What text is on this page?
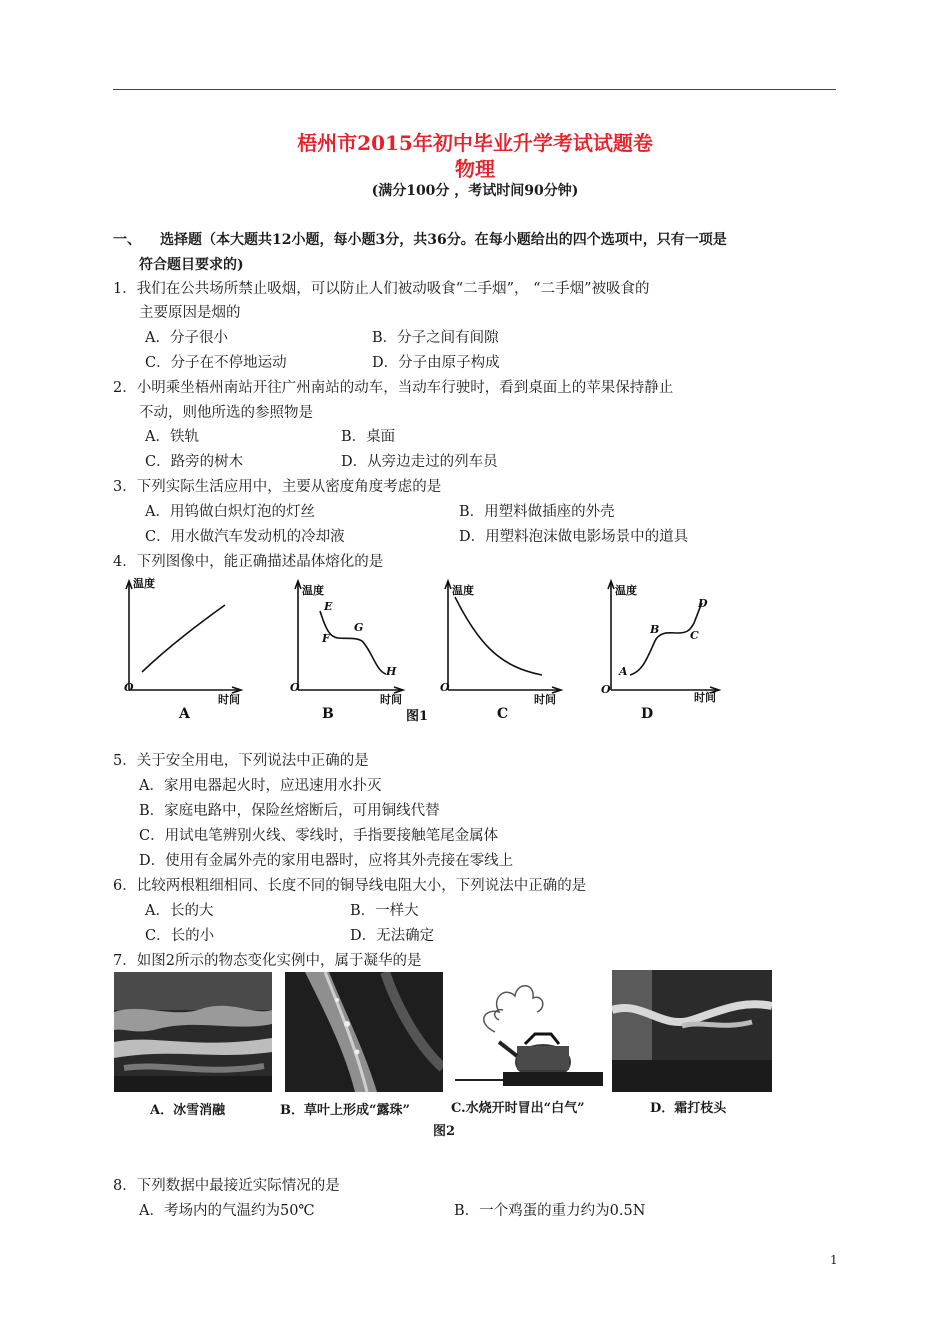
梧州市2015年初中毕业升学考试试题卷
物理
(满分100分 ，考试时间90分钟)
一、 选择题（本大题共12小题，每小题3分，共36分。在每小题给出的四个选项中，只有一项是
符合题目要求的)
1．我们在公共场所禁止吸烟，可以防止人们被动吸食“二手烟”， “二手烟”被吸食的
主要原因是烟的
A．分子很小	B．分子之间有间隙
C．分子在不停地运动	D．分子由原子构成
2．小明乘坐梧州南站开往广州南站的动车，当动车行驶时，看到桌面上的苹果保持静止
不动，则他所选的参照物是
A．铁轨	B．桌面
C．路旁的树木	D．从旁边走过的列车员
3．下列实际生活应用中，主要从密度角度考虑的是
A．用钨做白炽灯泡的灯丝	B．用塑料做插座的外壳
C．用水做汽车发动机的冷却液	D．用塑料泡沫做电影场景中的道具
4．下列图像中，能正确描述晶体熔化的是
O
温度
时间
A
O
温度
时间
E
F
G
H
B	图1
O
温度
时间
C
O
温度
时间
A
B	C
D
D
5．关于安全用电，下列说法中正确的是
A．家用电器起火时，应迅速用水扑灭
B．家庭电路中，保险丝熔断后，可用铜线代替
C．用试电笔辨别火线、零线时，手指要接触笔尾金属体
D．使用有金属外壳的家用电器时，应将其外壳接在零线上
6．比较两根粗细相同、长度不同的铜导线电阻大小，下列说法中正确的是
A．长的大	B．一样大
C．长的小	D．无法确定
7．如图2所示的物态变化实例中，属于凝华的是
A．冰雪消融	B．草叶上形成“露珠”	C.水烧开时冒出“白气”	D．霜打枝头
图2
8．下列数据中最接近实际情况的是
A．考场内的气温约为50℃	B．一个鸡蛋的重力约为0.5N
1
